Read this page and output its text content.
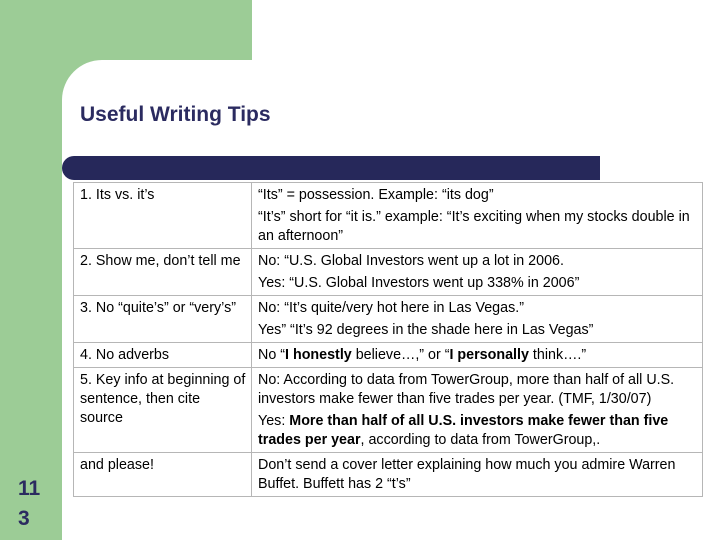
Useful Writing Tips
11
3
1. Its vs. it’s	“Its” = possession. Example: “its dog”

“It’s” short for “it is.” example: “It’s exciting when my stocks double in an afternoon”

2. Show me, don’t tell me	No: “U.S. Global Investors went up a lot in 2006.

Yes: “U.S. Global Investors went up 338% in 2006”

3. No “quite’s” or “very’s”	No: “It’s quite/very hot here in Las Vegas.”

Yes” “It’s 92 degrees in the shade here in Las Vegas”

4. No adverbs	No “I honestly believe…,” or “I personally think….”

5. Key info at beginning of sentence, then cite source	No: According to data from TowerGroup, more than half of all U.S. investors make fewer than five trades per year. (TMF, 1/30/07)

Yes: More than half of all U.S. investors make fewer than five trades per year, according to data from TowerGroup,.

and please!	Don’t send a cover letter explaining how much you admire Warren Buffet. Buffett has 2 “t’s”
